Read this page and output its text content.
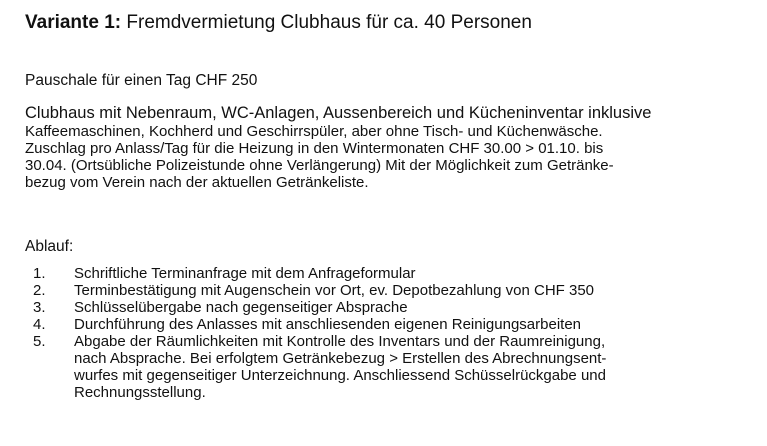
Variante 1: Fremdvermietung Clubhaus für ca. 40 Personen
Pauschale für einen Tag CHF 250
Clubhaus mit Nebenraum, WC-Anlagen, Aussenbereich und Kücheninventar inklusive
Kaffeemaschinen, Kochherd und Geschirrspüler, aber ohne Tisch- und Küchenwäsche.
Zuschlag pro Anlass/Tag für die Heizung in den Wintermonaten CHF 30.00 > 01.10. bis
30.04. (Ortsübliche Polizeistunde ohne Verlängerung) Mit der Möglichkeit zum Getränke-
bezug vom Verein nach der aktuellen Getränkeliste.
Ablauf:
1.	Schriftliche Terminanfrage mit dem Anfrageformular
2.	Terminbestätigung mit Augenschein vor Ort, ev. Depotbezahlung von CHF 350
3.	Schlüsselübergabe nach gegenseitiger Absprache
4.	Durchführung des Anlasses mit anschliesenden eigenen Reinigungsarbeiten
5.	Abgabe der Räumlichkeiten mit Kontrolle des Inventars und der Raumreinigung,
nach Absprache. Bei erfolgtem Getränkebezug > Erstellen des Abrechnungsent-
wurfes mit gegenseitiger Unterzeichnung. Anschliessend Schüsselrückgabe und
Rechnungsstellung.
